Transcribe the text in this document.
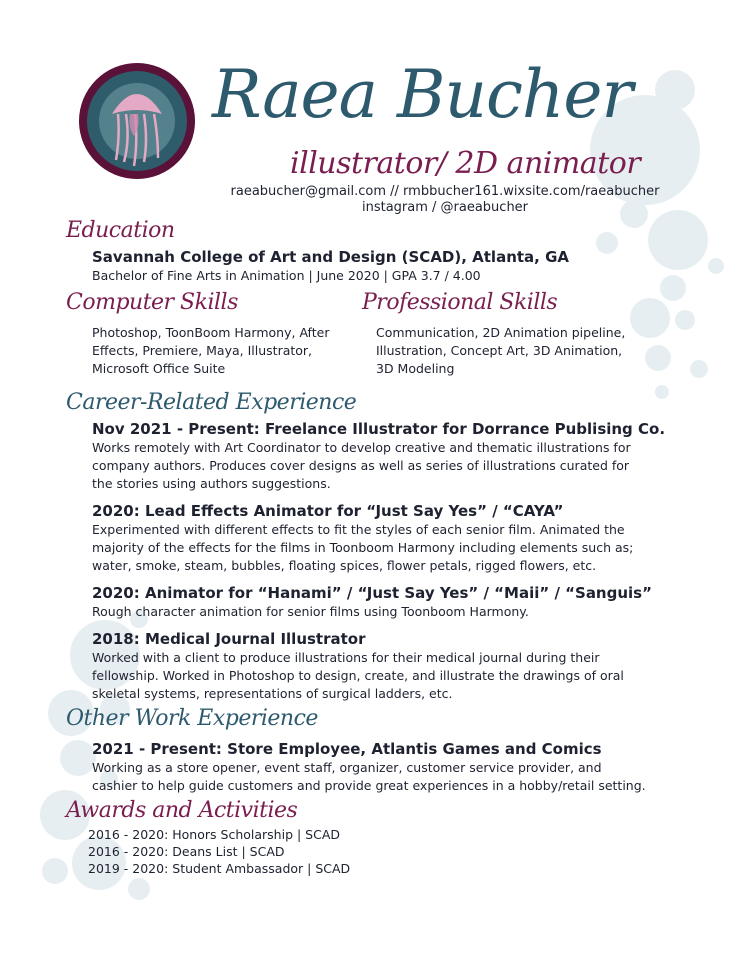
Raea Bucher
illustrator/ 2D animator
raeabucher@gmail.com // rmbbucher161.wixsite.com/raeabucher
instagram / @raeabucher
Education
Savannah College of Art and Design (SCAD), Atlanta, GA
Bachelor of Fine Arts in Animation | June 2020 | GPA 3.7 / 4.00
Computer Skills	Professional Skills

Photoshop, ToonBoom Harmony, After

Effects, Premiere, Maya, Illustrator,

Microsoft Office Suite

Communication, 2D Animation pipeline,

Illustration, Concept Art, 3D Animation,

3D Modeling

Career-Related Experience
Nov 2021 - Present: Freelance Illustrator for Dorrance Publising Co.

Works remotely with Art Coordinator to develop creative and thematic illustrations for

company authors. Produces cover designs as well as series of illustrations curated for

the stories using authors suggestions.

2020: Lead Effects Animator for “Just Say Yes” / “CAYA”

Experimented with different effects to fit the styles of each senior film. Animated the

majority of the effects for the films in Toonboom Harmony including elements such as;

water, smoke, steam, bubbles, floating spices, flower petals, rigged flowers, etc.

2020: Animator for “Hanami” / “Just Say Yes” / “Maii” / “Sanguis”

Rough character animation for senior films using Toonboom Harmony.

2018: Medical Journal Illustrator

Worked with a client to produce illustrations for their medical journal during their

fellowship. Worked in Photoshop to design, create, and illustrate the drawings of oral

skeletal systems, representations of surgical ladders, etc.

Other Work Experience
2021 - Present: Store Employee, Atlantis Games and Comics
Working as a store opener, event staff, organizer, customer service provider, and
cashier to help guide customers and provide great experiences in a hobby/retail setting.
Awards and Activities
2016 - 2020: Honors Scholarship | SCAD
2016 - 2020: Deans List | SCAD
2019 - 2020: Student Ambassador | SCAD
